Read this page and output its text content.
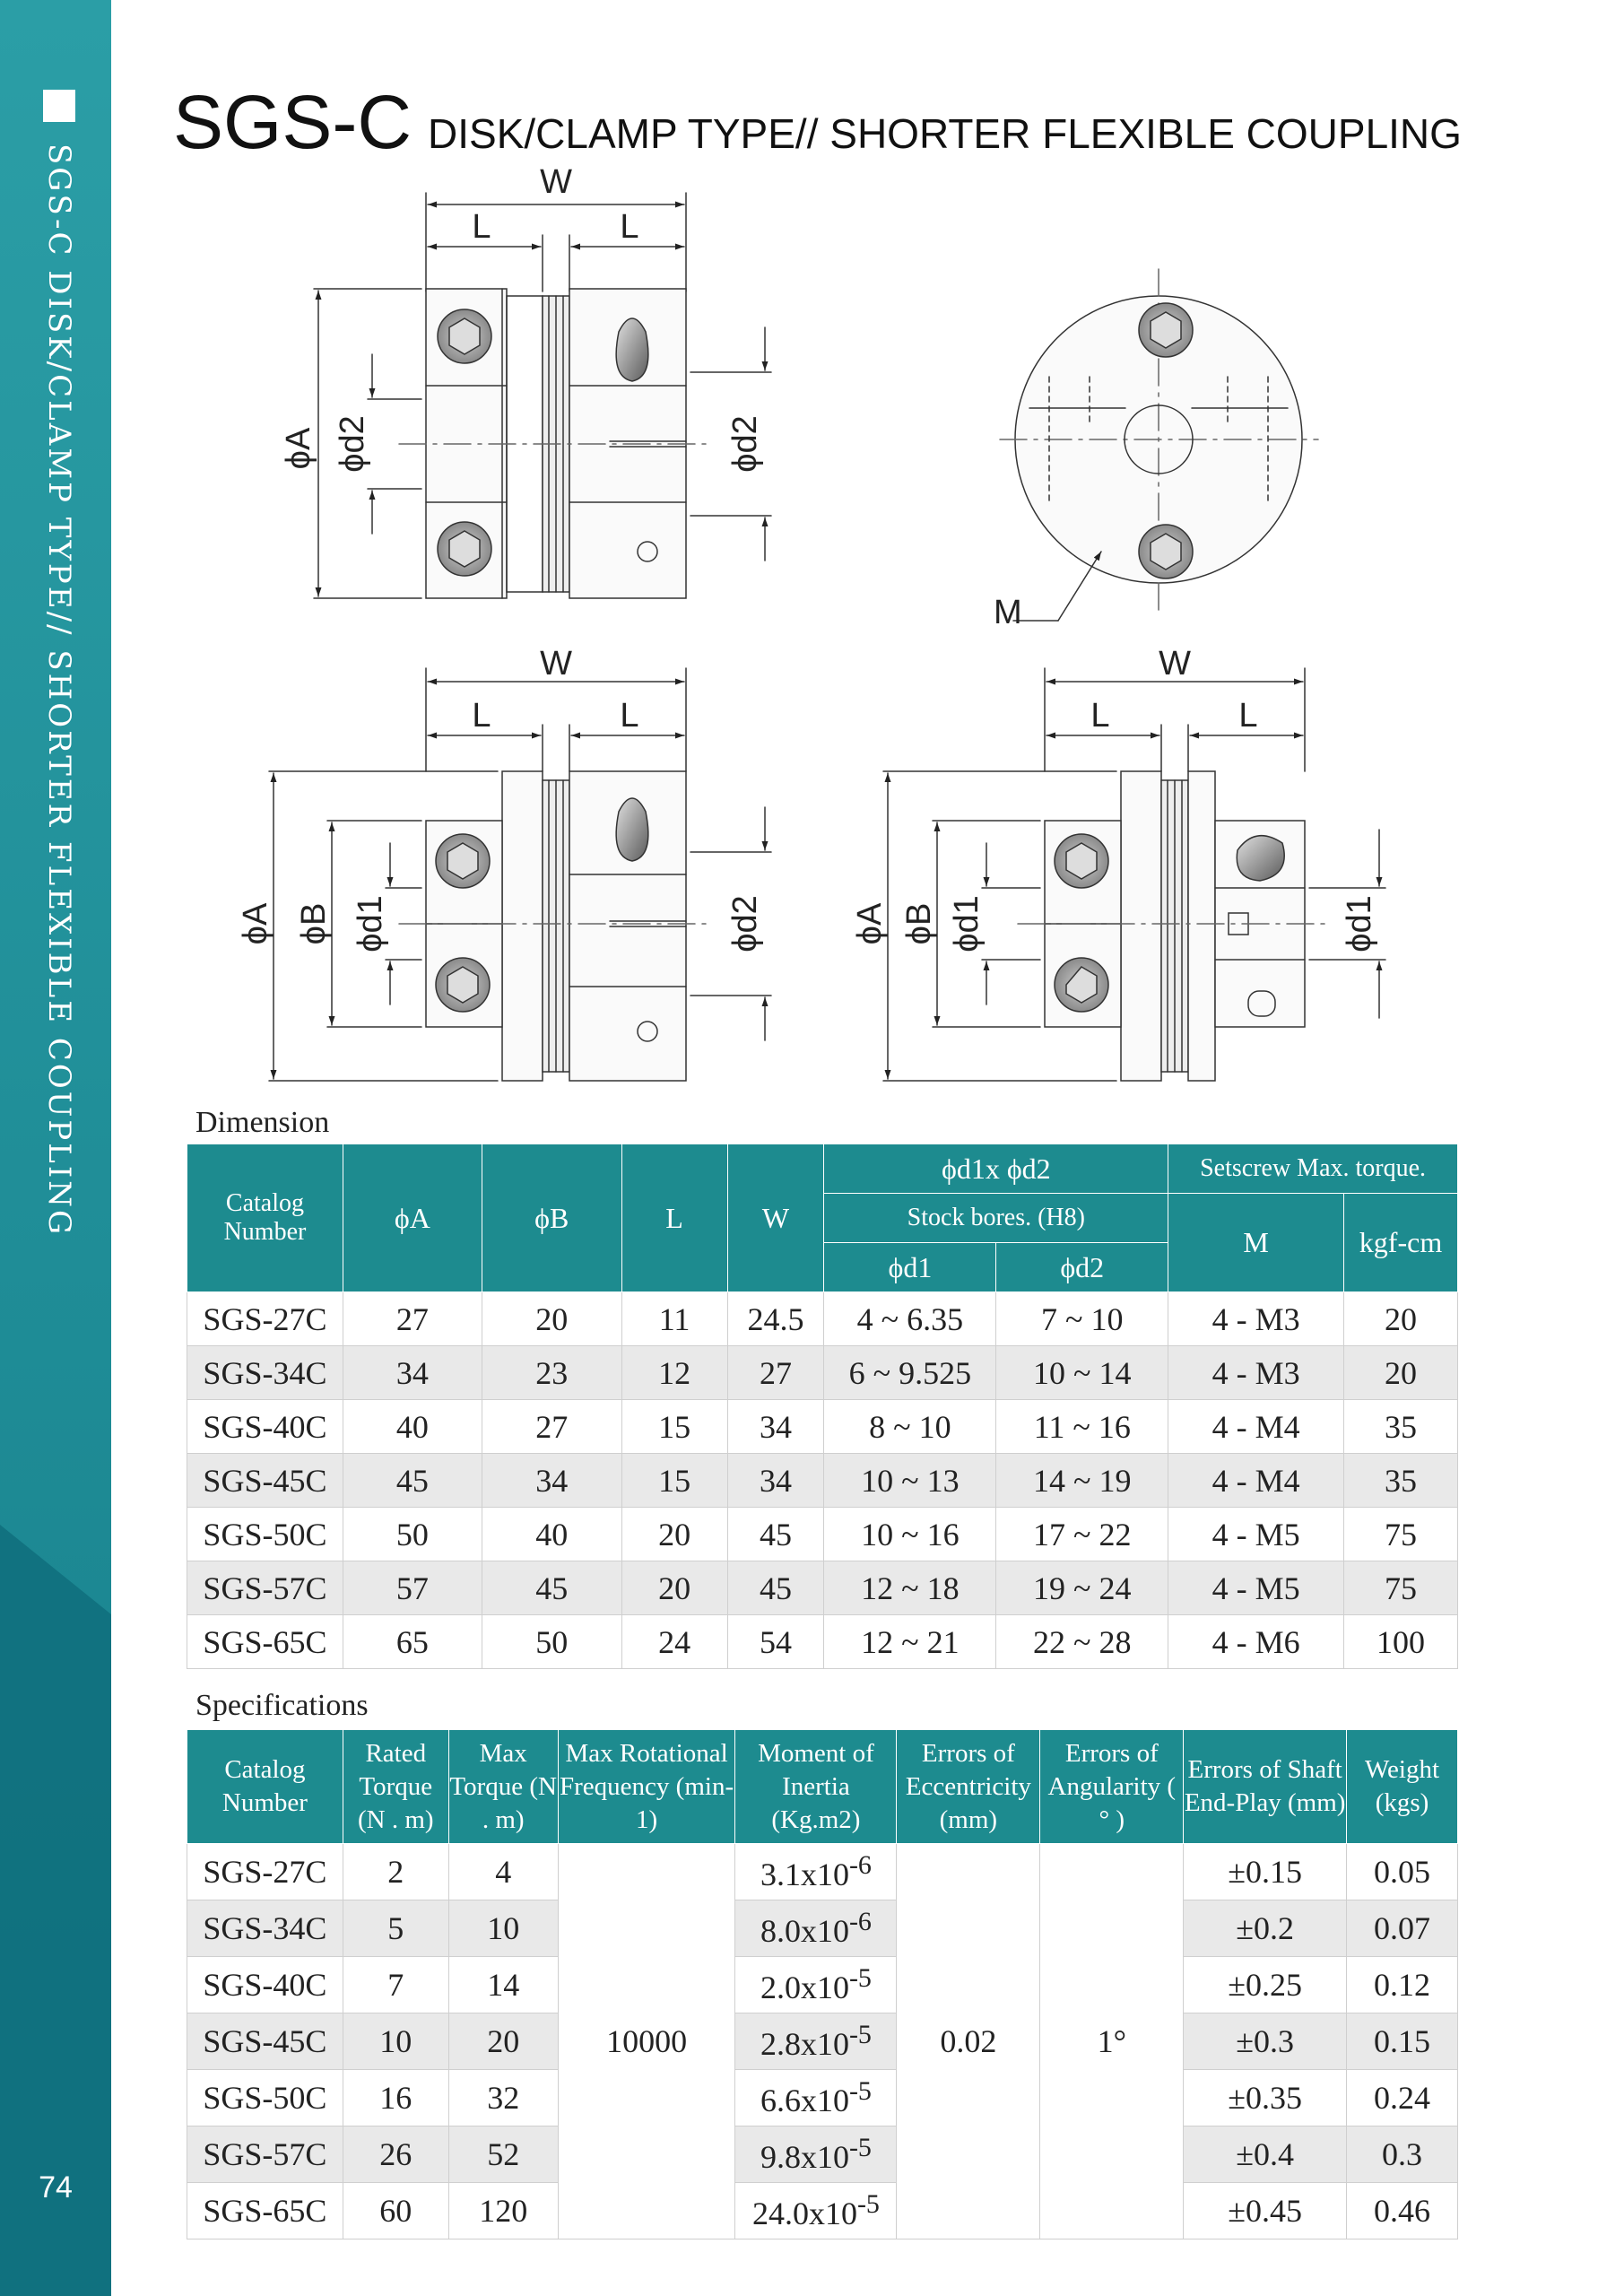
SGS-C DISK/CLAMP TYPE// SHORTER FLEXIBLE COUPLING
74
SGS-C DISK/CLAMP TYPE// SHORTER FLEXIBLE COUPLING
W
L	L
ϕA ϕd2	ϕd2
M
W
L	L
ϕA ϕB ϕd1	ϕd2
W
L	L
ϕA ϕB ϕd1	ϕd1
Dimension
Catalog Number	ϕA	ϕB	L	W	ϕd1x ϕd2		Setscrew Max. torque.	
					Stock bores. (H8)		M	kgf-cm
					ϕd1	ϕd2		
SGS-27C	27	20	11	24.5	4 ~ 6.35	7 ~ 10	4 - M3	20
SGS-34C	34	23	12	27	6 ~ 9.525	10 ~ 14	4 - M3	20
SGS-40C	40	27	15	34	8 ~ 10	11 ~ 16	4 - M4	35
SGS-45C	45	34	15	34	10 ~ 13	14 ~ 19	4 - M4	35
SGS-50C	50	40	20	45	10 ~ 16	17 ~ 22	4 - M5	75
SGS-57C	57	45	20	45	12 ~ 18	19 ~ 24	4 - M5	75
SGS-65C	65	50	24	54	12 ~ 21	22 ~ 28	4 - M6	100
Specifications
Catalog Number	Rated Torque (N . m)	Max Torque (N . m)	Max Rotational Frequency (min-1)	Moment of Inertia (Kg.m2)	Errors of Eccentricity (mm)	Errors of Angularity ( ° )	Errors of Shaft End-Play (mm)	Weight (kgs)
SGS-27C	2	4	10000	$3.1x10^{-6}$	0.02	1°	±0.15	0.05
SGS-34C	5	10		$8.0x10^{-6}$			±0.2	0.07
SGS-40C	7	14		$2.0x10^{-5}$			±0.25	0.12
SGS-45C	10	20		$2.8x10^{-5}$			±0.3	0.15
SGS-50C	16	32		$6.6x10^{-5}$			±0.35	0.24
SGS-57C	26	52		$9.8x10^{-5}$			±0.4	0.3
SGS-65C	60	120		$24.0x10^{-5}$			±0.45	0.46
